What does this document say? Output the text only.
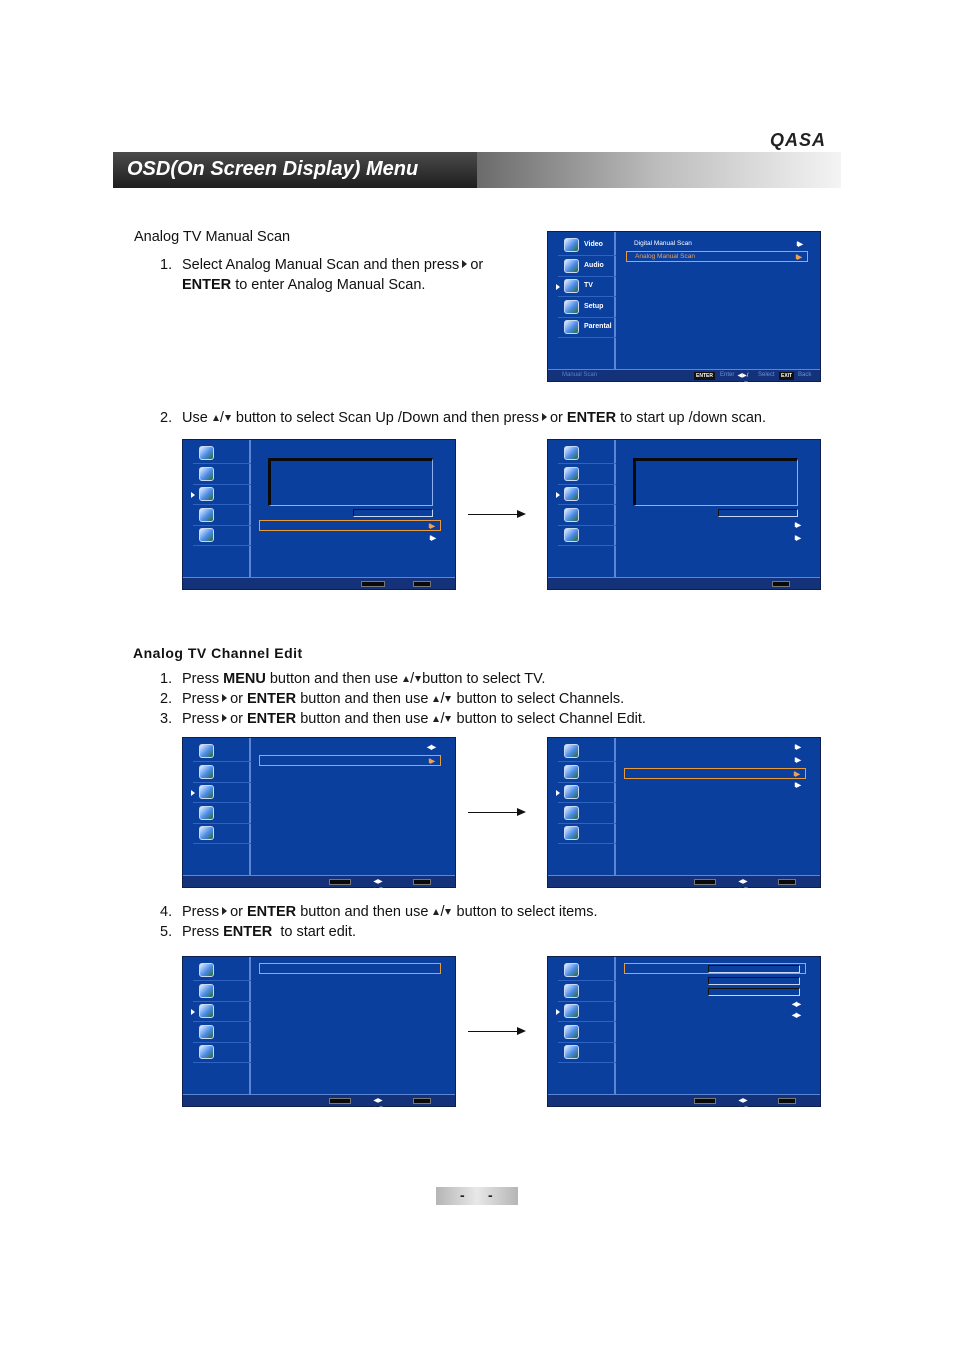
QASA
OSD(On Screen Display) Menu
Analog TV Manual Scan
1. Select Analog Manual Scan and then press or
ENTER to enter Analog Manual Scan.
Video
Audio
TV
Setup
Parental
Digital Manual Scan	II▶
Analog Manual Scan	II▶
Manual Scan	ENTER	Enter ◀▶/▲▼
Select	EXIT Back
2. Use / button to select Scan Up /Down and then press or ENTER to start up /down scan.
II▶
II▶
II▶
II▶
Analog TV Channel Edit
1. Press MENU button and then use / button to select TV.
2. Press or ENTER button and then use / button to select Channels.
3. Press or ENTER button and then use / button to select Channel Edit.
◀▶
II▶
◀▶ ▲▼
II▶
II▶
II▶
II▶
◀▶ ▲▼
4. Press or ENTER button and then use / button to select items.
5. Press ENTER to start edit.
◀▶ ▲▼
◀▶
◀▶
◀▶ ▲▼
- -
